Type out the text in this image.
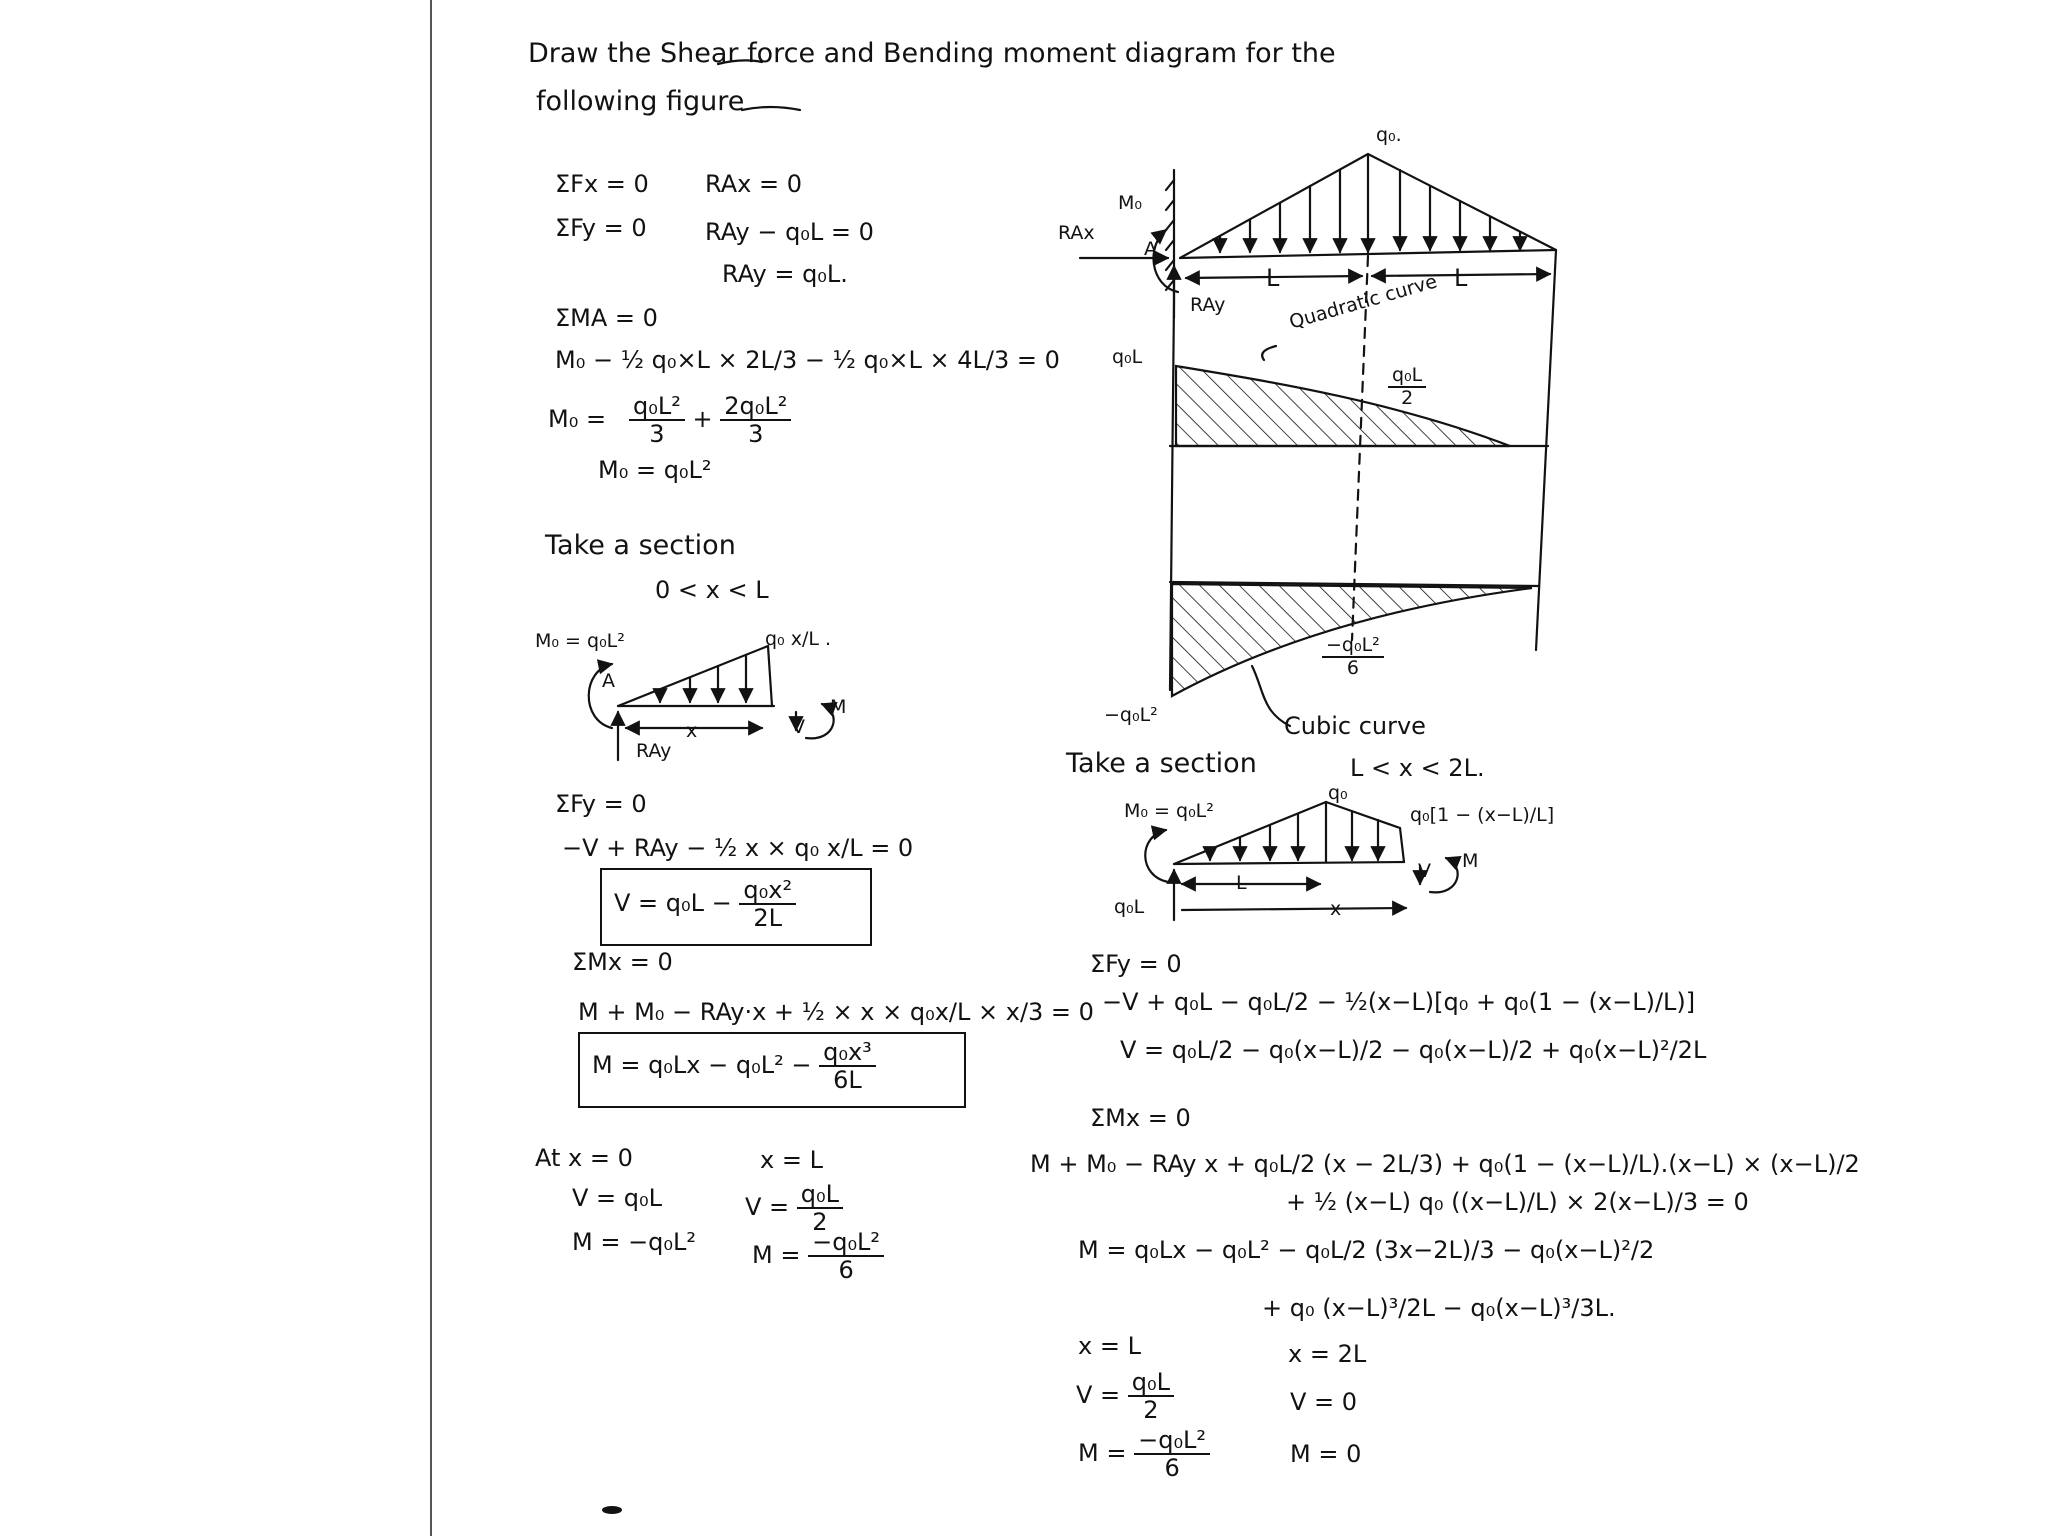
Draw the Shear force and Bending moment diagram for the
following figure
ΣFx = 0 RAx = 0
ΣFy = 0 RAy − q₀L = 0
RAy = q₀L.
ΣMA = 0
M₀ − ½ q₀×L × 2L/3 − ½ q₀×L × 4L/3 = 0
$M_0 = \frac{\text{q₀L²}}{3} + \frac{\text{2q₀L²}}{3}$
M₀ = q₀L²
Take a section
0 < x < L
M₀ = q₀L²	q₀ x/L .
A
x	V
M
RAy
ΣFy = 0
−V + RAy − ½ x × q₀ x/L = 0
$V = q_0L - \frac{\text{q₀x²}}{2L}$
ΣMx = 0
M + M₀ − RAy·x + ½ × x × q₀x/L × x/3 = 0
$M = q_0Lx - q_0L^2 - \frac{\text{q₀x³}}{6L}$
At x = 0
V = q₀L
M = −q₀L²
x = L
$V = \frac{\text{q₀L}}{2}$
$M = \frac{\text{−q₀L²}}{6}$
q₀.
M₀
RAx
A
RAy
L	L
q₀L
Quadratic curve
$\frac{\text{q₀L}}{2}$
−q₀L²
$\frac{\text{−q₀L²}}{6}$
Cubic curve
Take a section	L < x < 2L.
M₀ = q₀L²
q₀
q₀[1 − (x−L)/L]
L
x
V M
q₀L
ΣFy = 0
−V + q₀L − q₀L/2 − ½(x−L)[q₀ + q₀(1 − (x−L)/L)]
V = q₀L/2 − q₀(x−L)/2 − q₀(x−L)/2 + q₀(x−L)²/2L
ΣMx = 0
M + M₀ − RAy x + q₀L/2 (x − 2L/3) + q₀(1 − (x−L)/L).(x−L) × (x−L)/2
+ ½ (x−L) q₀ ((x−L)/L) × 2(x−L)/3 = 0
M = q₀Lx − q₀L² − q₀L/2 (3x−2L)/3 − q₀(x−L)²/2
+ q₀ (x−L)³/2L − q₀(x−L)³/3L.
x = L
$V = \frac{\text{q₀L}}{2}$
$M = \frac{\text{−q₀L²}}{6}$
x = 2L
V = 0
M = 0
